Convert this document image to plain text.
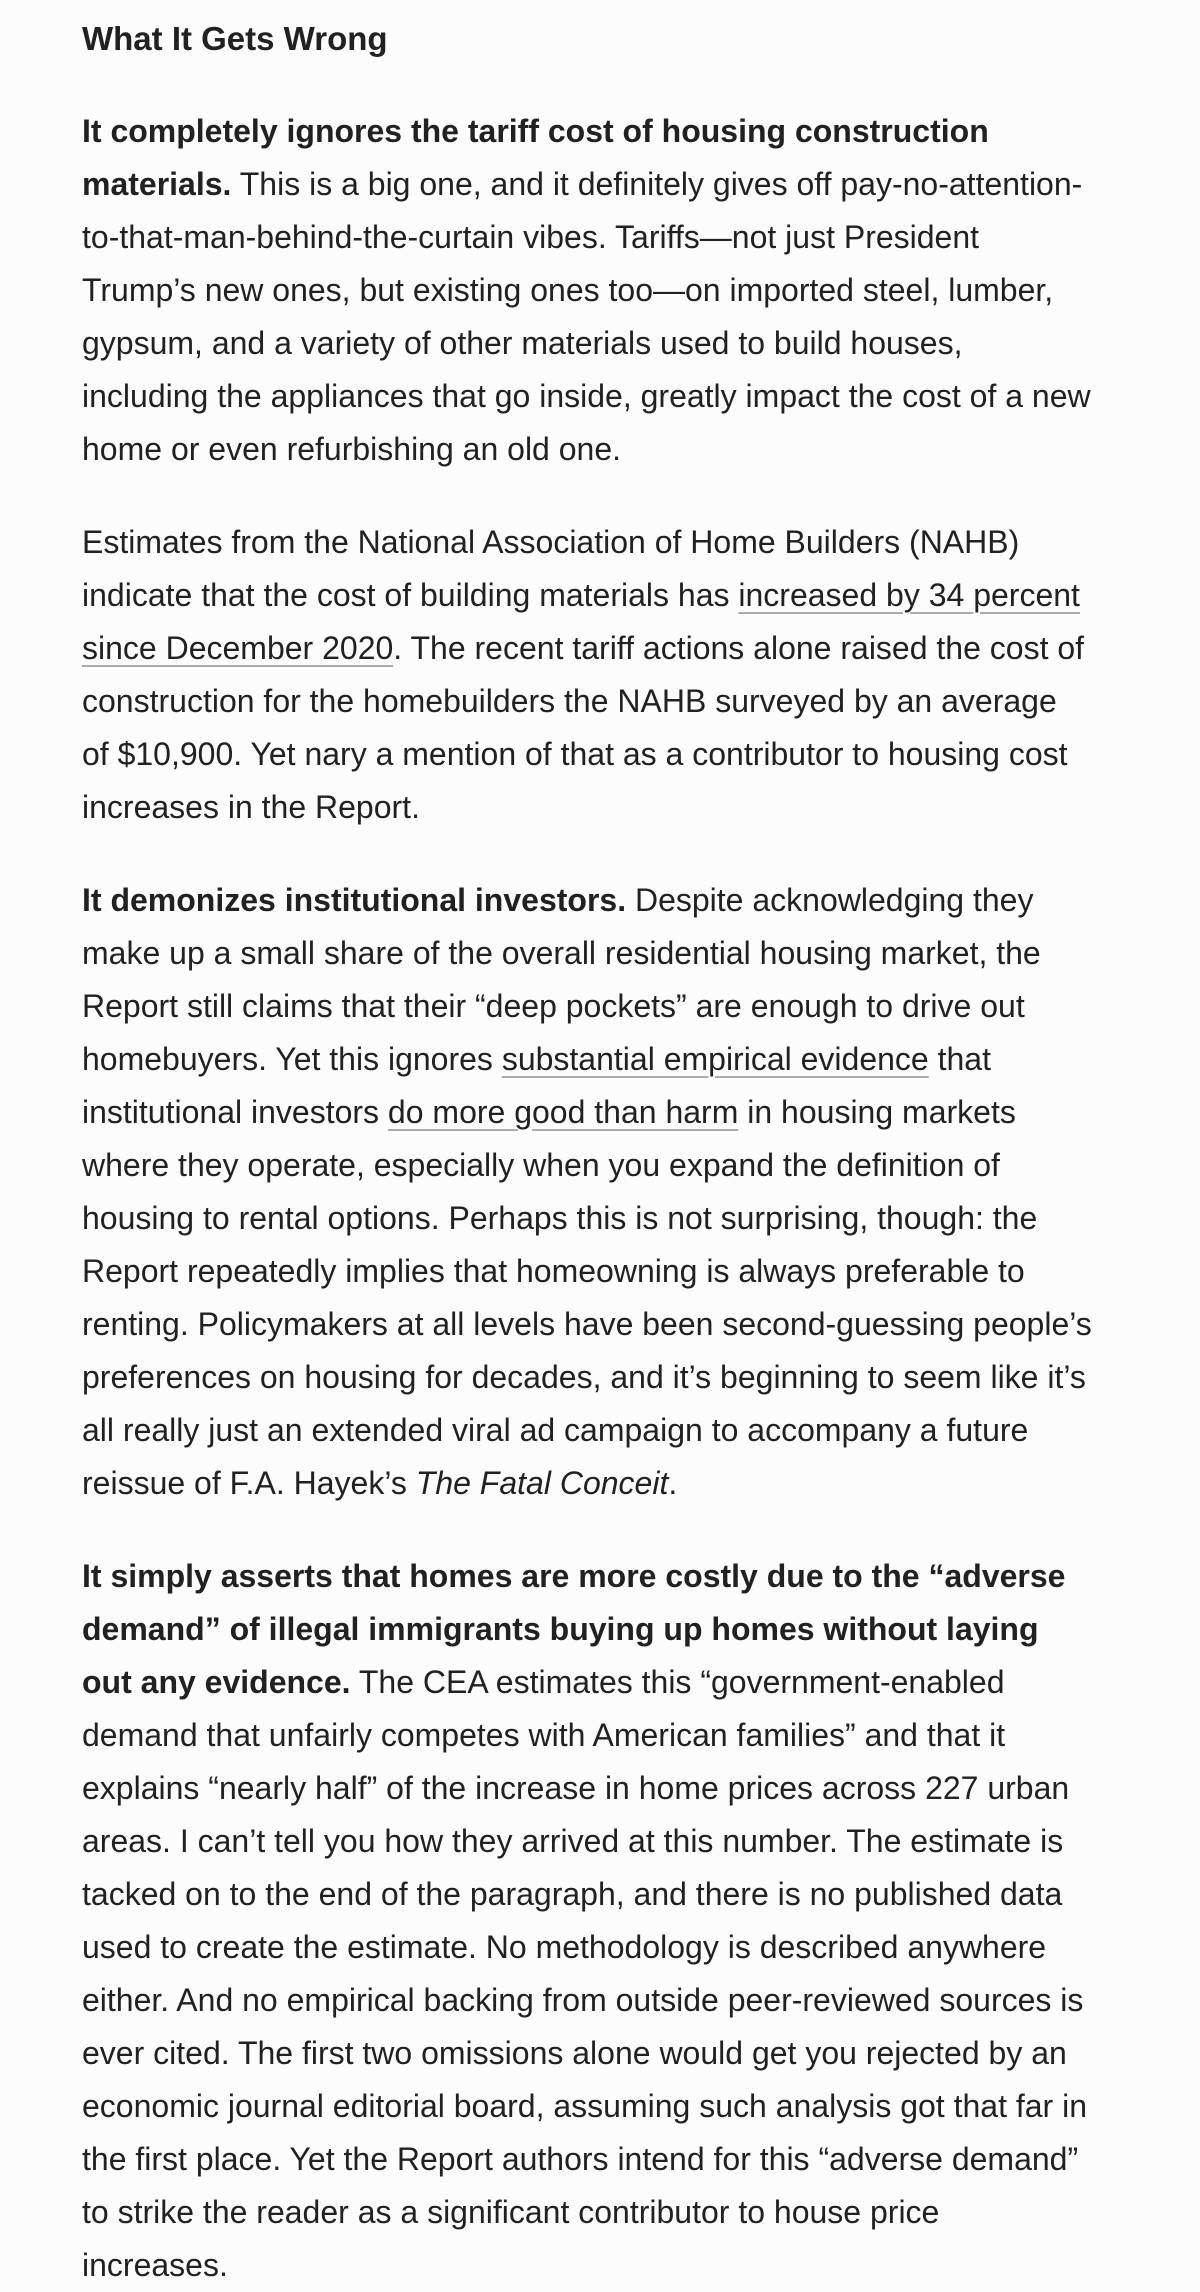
What It Gets Wrong

It completely ignores the tariff cost of housing construction materials. This is a big one, and it definitely gives off pay-no-attention-to-that-man-behind-the-curtain vibes. Tariffs—not just President Trump’s new ones, but existing ones too—on imported steel, lumber, gypsum, and a variety of other materials used to build houses, including the appliances that go inside, greatly impact the cost of a new home or even refurbishing an old one.

Estimates from the National Association of Home Builders (NAHB) indicate that the cost of building materials has increased by 34 percent since December 2020. The recent tariff actions alone raised the cost of construction for the homebuilders the NAHB surveyed by an average of $10,900. Yet nary a mention of that as a contributor to housing cost increases in the Report.

It demonizes institutional investors. Despite acknowledging they make up a small share of the overall residential housing market, the Report still claims that their “deep pockets” are enough to drive out homebuyers. Yet this ignores substantial empirical evidence that institutional investors do more good than harm in housing markets where they operate, especially when you expand the definition of housing to rental options. Perhaps this is not surprising, though: the Report repeatedly implies that homeowning is always preferable to renting. Policymakers at all levels have been second-guessing people’s preferences on housing for decades, and it’s beginning to seem like it’s all really just an extended viral ad campaign to accompany a future reissue of F.A. Hayek’s The Fatal Conceit.

It simply asserts that homes are more costly due to the “adverse demand” of illegal immigrants buying up homes without laying out any evidence. The CEA estimates this “government-enabled demand that unfairly competes with American families” and that it explains “nearly half” of the increase in home prices across 227 urban areas. I can’t tell you how they arrived at this number. The estimate is tacked on to the end of the paragraph, and there is no published data used to create the estimate. No methodology is described anywhere either. And no empirical backing from outside peer-reviewed sources is ever cited. The first two omissions alone would get you rejected by an economic journal editorial board, assuming such analysis got that far in the first place. Yet the Report authors intend for this “adverse demand” to strike the reader as a significant contributor to house price increases.
